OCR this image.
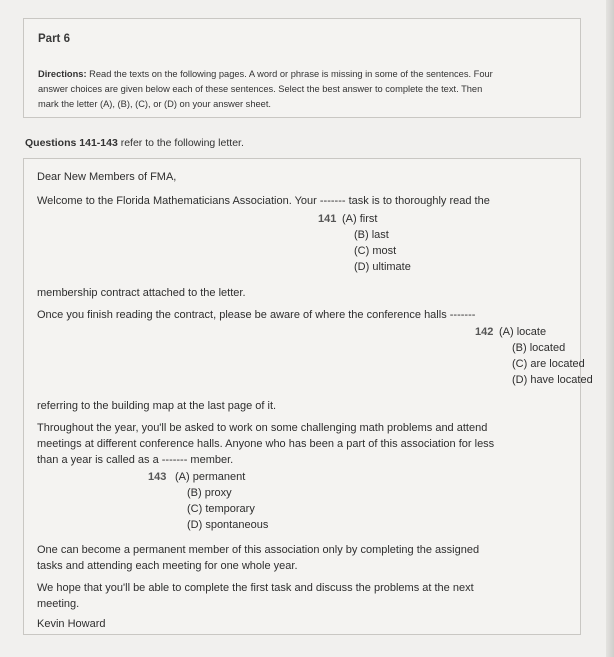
Part 6
Directions: Read the texts on the following pages. A word or phrase is missing in some of the sentences. Four
answer choices are given below each of these sentences. Select the best answer to complete the text. Then
mark the letter (A), (B), (C), or (D) on your answer sheet.
Questions 141-143 refer to the following letter.
Dear New Members of FMA,
Welcome to the Florida Mathematicians Association. Your ------- task is to thoroughly read the
141 (A) first
(B) last
(C) most
(D) ultimate
membership contract attached to the letter.
Once you finish reading the contract, please be aware of where the conference halls -------
142 (A) locate
(B) located
(C) are located
(D) have located
referring to the building map at the last page of it.
Throughout the year, you'll be asked to work on some challenging math problems and attend
meetings at different conference halls. Anyone who has been a part of this association for less
than a year is called as a ------- member.
143 (A) permanent
(B) proxy
(C) temporary
(D) spontaneous
One can become a permanent member of this association only by completing the assigned
tasks and attending each meeting for one whole year.
We hope that you'll be able to complete the first task and discuss the problems at the next
meeting.
Kevin Howard
